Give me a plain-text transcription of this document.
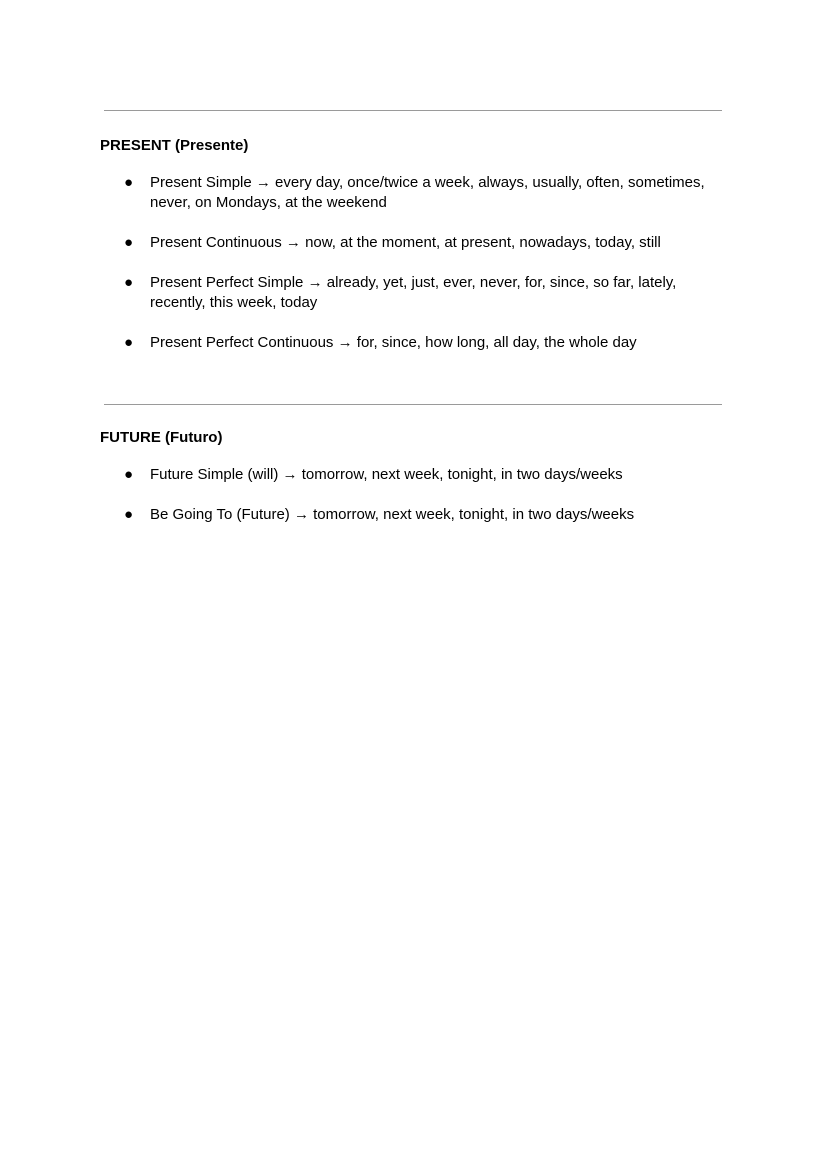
PRESENT (Presente)
● Present Simple → every day, once/twice a week, always, usually, often, sometimes, never, on Mondays, at the weekend
● Present Continuous → now, at the moment, at present, nowadays, today, still
● Present Perfect Simple → already, yet, just, ever, never, for, since, so far, lately, recently, this week, today
● Present Perfect Continuous → for, since, how long, all day, the whole day
FUTURE (Futuro)
● Future Simple (will) → tomorrow, next week, tonight, in two days/weeks
● Be Going To (Future) → tomorrow, next week, tonight, in two days/weeks
